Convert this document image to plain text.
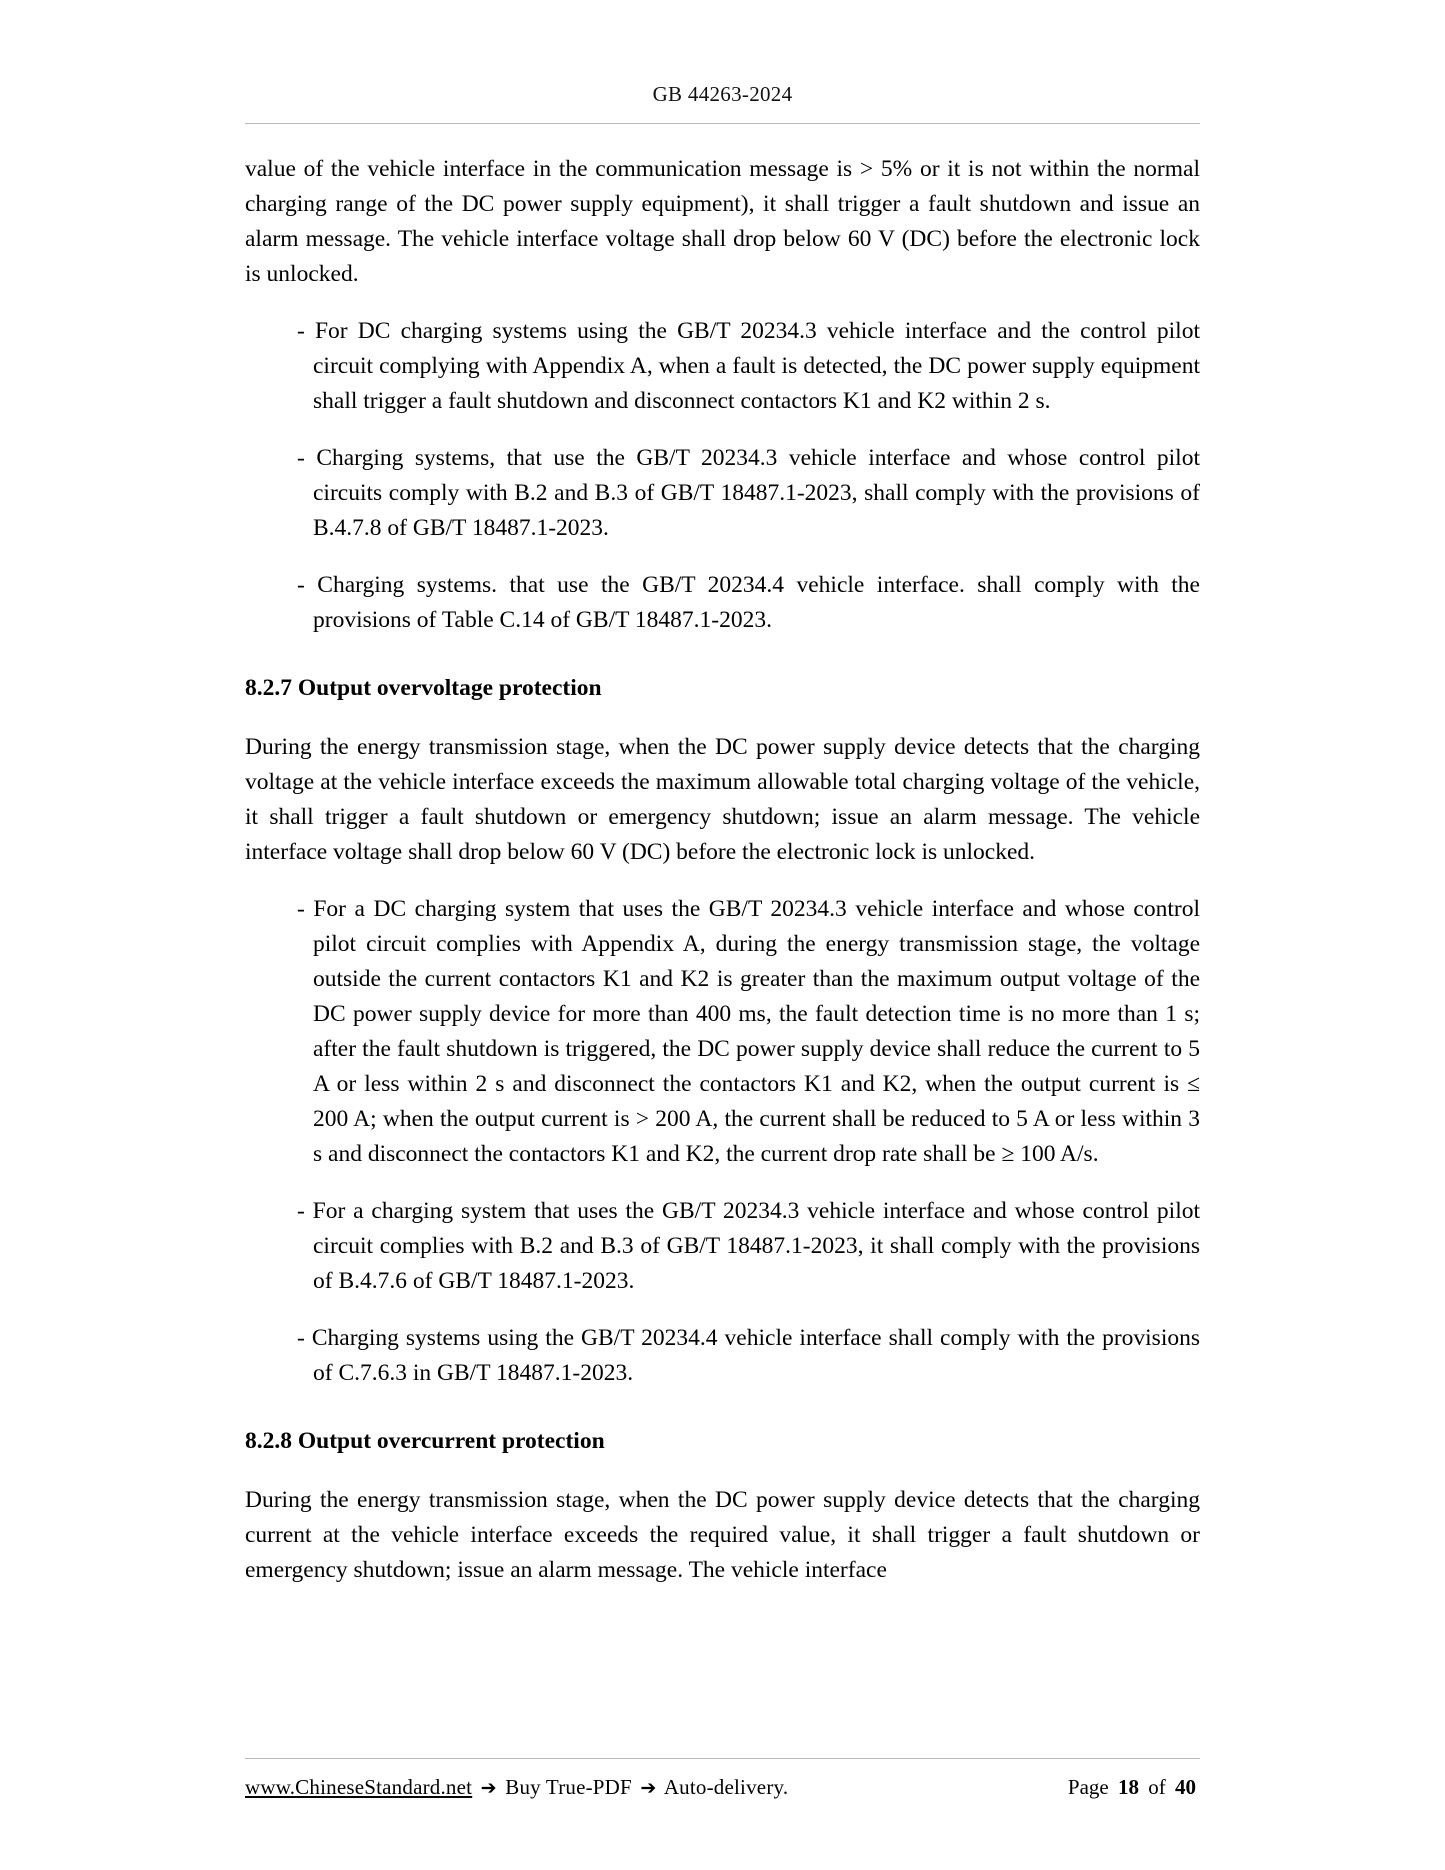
GB 44263-2024

value of the vehicle interface in the communication message is > 5% or it is not within the normal charging range of the DC power supply equipment), it shall trigger a fault shutdown and issue an alarm message. The vehicle interface voltage shall drop below 60 V (DC) before the electronic lock is unlocked.

- For DC charging systems using the GB/T 20234.3 vehicle interface and the control pilot circuit complying with Appendix A, when a fault is detected, the DC power supply equipment shall trigger a fault shutdown and disconnect contactors K1 and K2 within 2 s.
- Charging systems, that use the GB/T 20234.3 vehicle interface and whose control pilot circuits comply with B.2 and B.3 of GB/T 18487.1-2023, shall comply with the provisions of B.4.7.8 of GB/T 18487.1-2023.
- Charging systems. that use the GB/T 20234.4 vehicle interface. shall comply with the provisions of Table C.14 of GB/T 18487.1-2023.
8.2.7 Output overvoltage protection

During the energy transmission stage, when the DC power supply device detects that the charging voltage at the vehicle interface exceeds the maximum allowable total charging voltage of the vehicle, it shall trigger a fault shutdown or emergency shutdown; issue an alarm message. The vehicle interface voltage shall drop below 60 V (DC) before the electronic lock is unlocked.

- For a DC charging system that uses the GB/T 20234.3 vehicle interface and whose control pilot circuit complies with Appendix A, during the energy transmission stage, the voltage outside the current contactors K1 and K2 is greater than the maximum output voltage of the DC power supply device for more than 400 ms, the fault detection time is no more than 1 s; after the fault shutdown is triggered, the DC power supply device shall reduce the current to 5 A or less within 2 s and disconnect the contactors K1 and K2, when the output current is ≤ 200 A; when the output current is > 200 A, the current shall be reduced to 5 A or less within 3 s and disconnect the contactors K1 and K2, the current drop rate shall be ≥ 100 A/s.
- For a charging system that uses the GB/T 20234.3 vehicle interface and whose control pilot circuit complies with B.2 and B.3 of GB/T 18487.1-2023, it shall comply with the provisions of B.4.7.6 of GB/T 18487.1-2023.
- Charging systems using the GB/T 20234.4 vehicle interface shall comply with the provisions of C.7.6.3 in GB/T 18487.1-2023.
8.2.8 Output overcurrent protection

During the energy transmission stage, when the DC power supply device detects that the charging current at the vehicle interface exceeds the required value, it shall trigger a fault shutdown or emergency shutdown; issue an alarm message. The vehicle interface

www.ChineseStandard.net ➔ Buy True-PDF ➔ Auto-delivery.	Page 18 of 40
